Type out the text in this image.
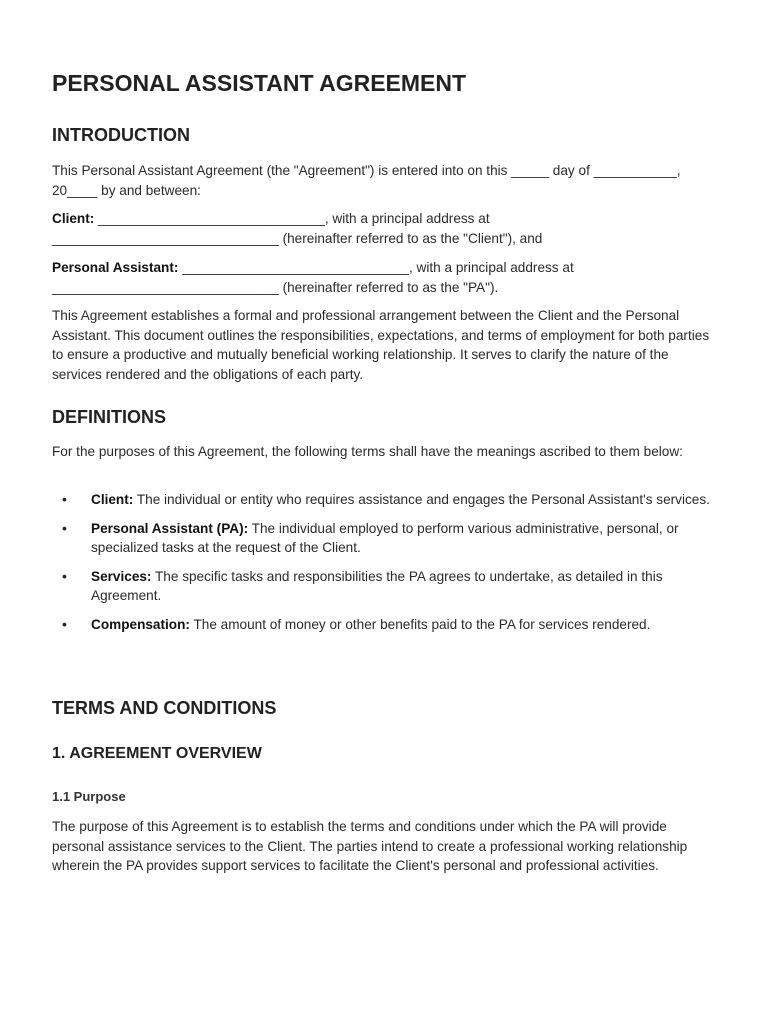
PERSONAL ASSISTANT AGREEMENT
INTRODUCTION

This Personal Assistant Agreement (the "Agreement") is entered into on this _____ day of ___________, 20____ by and between:

Client: ______________________________, with a principal address at ______________________________ (hereinafter referred to as the "Client"), and

Personal Assistant: ______________________________, with a principal address at ______________________________ (hereinafter referred to as the "PA").

This Agreement establishes a formal and professional arrangement between the Client and the Personal Assistant. This document outlines the responsibilities, expectations, and terms of employment for both parties to ensure a productive and mutually beneficial working relationship. It serves to clarify the nature of the services rendered and the obligations of each party.

DEFINITIONS

For the purposes of this Agreement, the following terms shall have the meanings ascribed to them below:

• Client: The individual or entity who requires assistance and engages the Personal Assistant's services.
• Personal Assistant (PA): The individual employed to perform various administrative, personal, or specialized tasks at the request of the Client.
• Services: The specific tasks and responsibilities the PA agrees to undertake, as detailed in this Agreement.
• Compensation: The amount of money or other benefits paid to the PA for services rendered.
TERMS AND CONDITIONS
1. AGREEMENT OVERVIEW
1.1 Purpose

The purpose of this Agreement is to establish the terms and conditions under which the PA will provide personal assistance services to the Client. The parties intend to create a professional working relationship wherein the PA provides support services to facilitate the Client's personal and professional activities.
